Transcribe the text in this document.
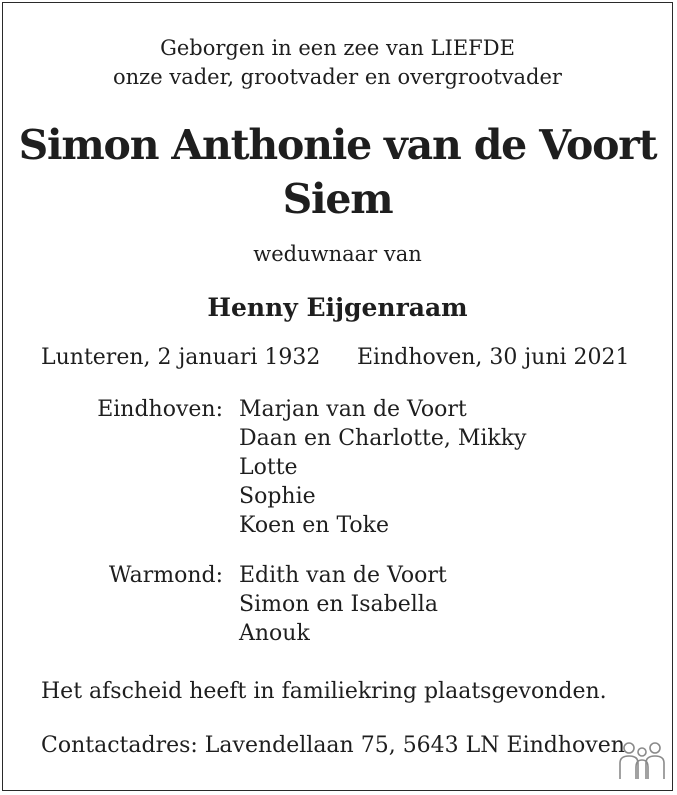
Geborgen in een zee van LIEFDE
onze vader, grootvader en overgrootvader
Simon Anthonie van de Voort
Siem
weduwnaar van
Henny Eijgenraam
Lunteren, 2 januari 1932 Eindhoven, 30 juni 2021
Eindhoven: Marjan van de Voort
Daan en Charlotte, Mikky
Lotte
Sophie
Koen en Toke
Warmond: Edith van de Voort
Simon en Isabella
Anouk
Het afscheid heeft in familiekring plaatsgevonden.
Contactadres: Lavendellaan 75, 5643 LN Eindhoven
